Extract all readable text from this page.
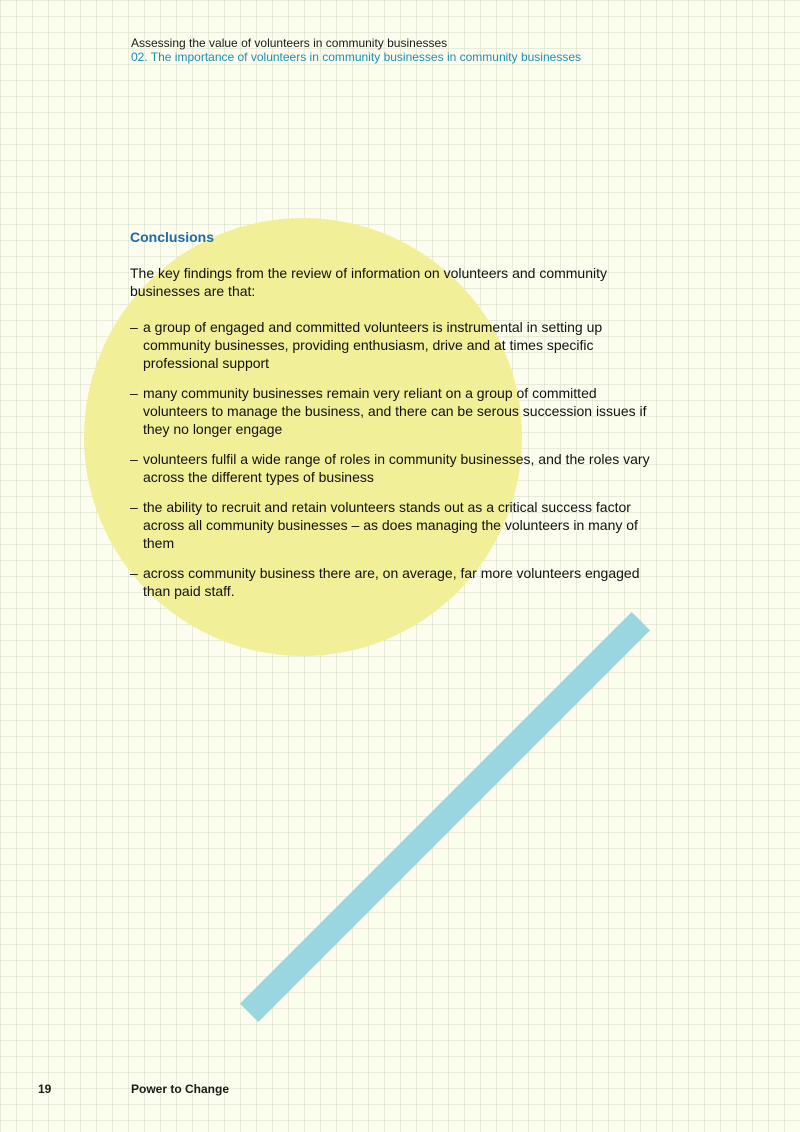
Assessing the value of volunteers in community businesses
02. The importance of volunteers in community businesses in community businesses
Conclusions

The key findings from the review of information on volunteers and community businesses are that:

– a group of engaged and committed volunteers is instrumental in setting up community businesses, providing enthusiasm, drive and at times specific professional support
– many community businesses remain very reliant on a group of committed volunteers to manage the business, and there can be serous succession issues if they no longer engage
– volunteers fulfil a wide range of roles in community businesses, and the roles vary across the different types of business
– the ability to recruit and retain volunteers stands out as a critical success factor across all community businesses – as does managing the volunteers in many of them
– across community business there are, on average, far more volunteers engaged than paid staff.
19	Power to Change
